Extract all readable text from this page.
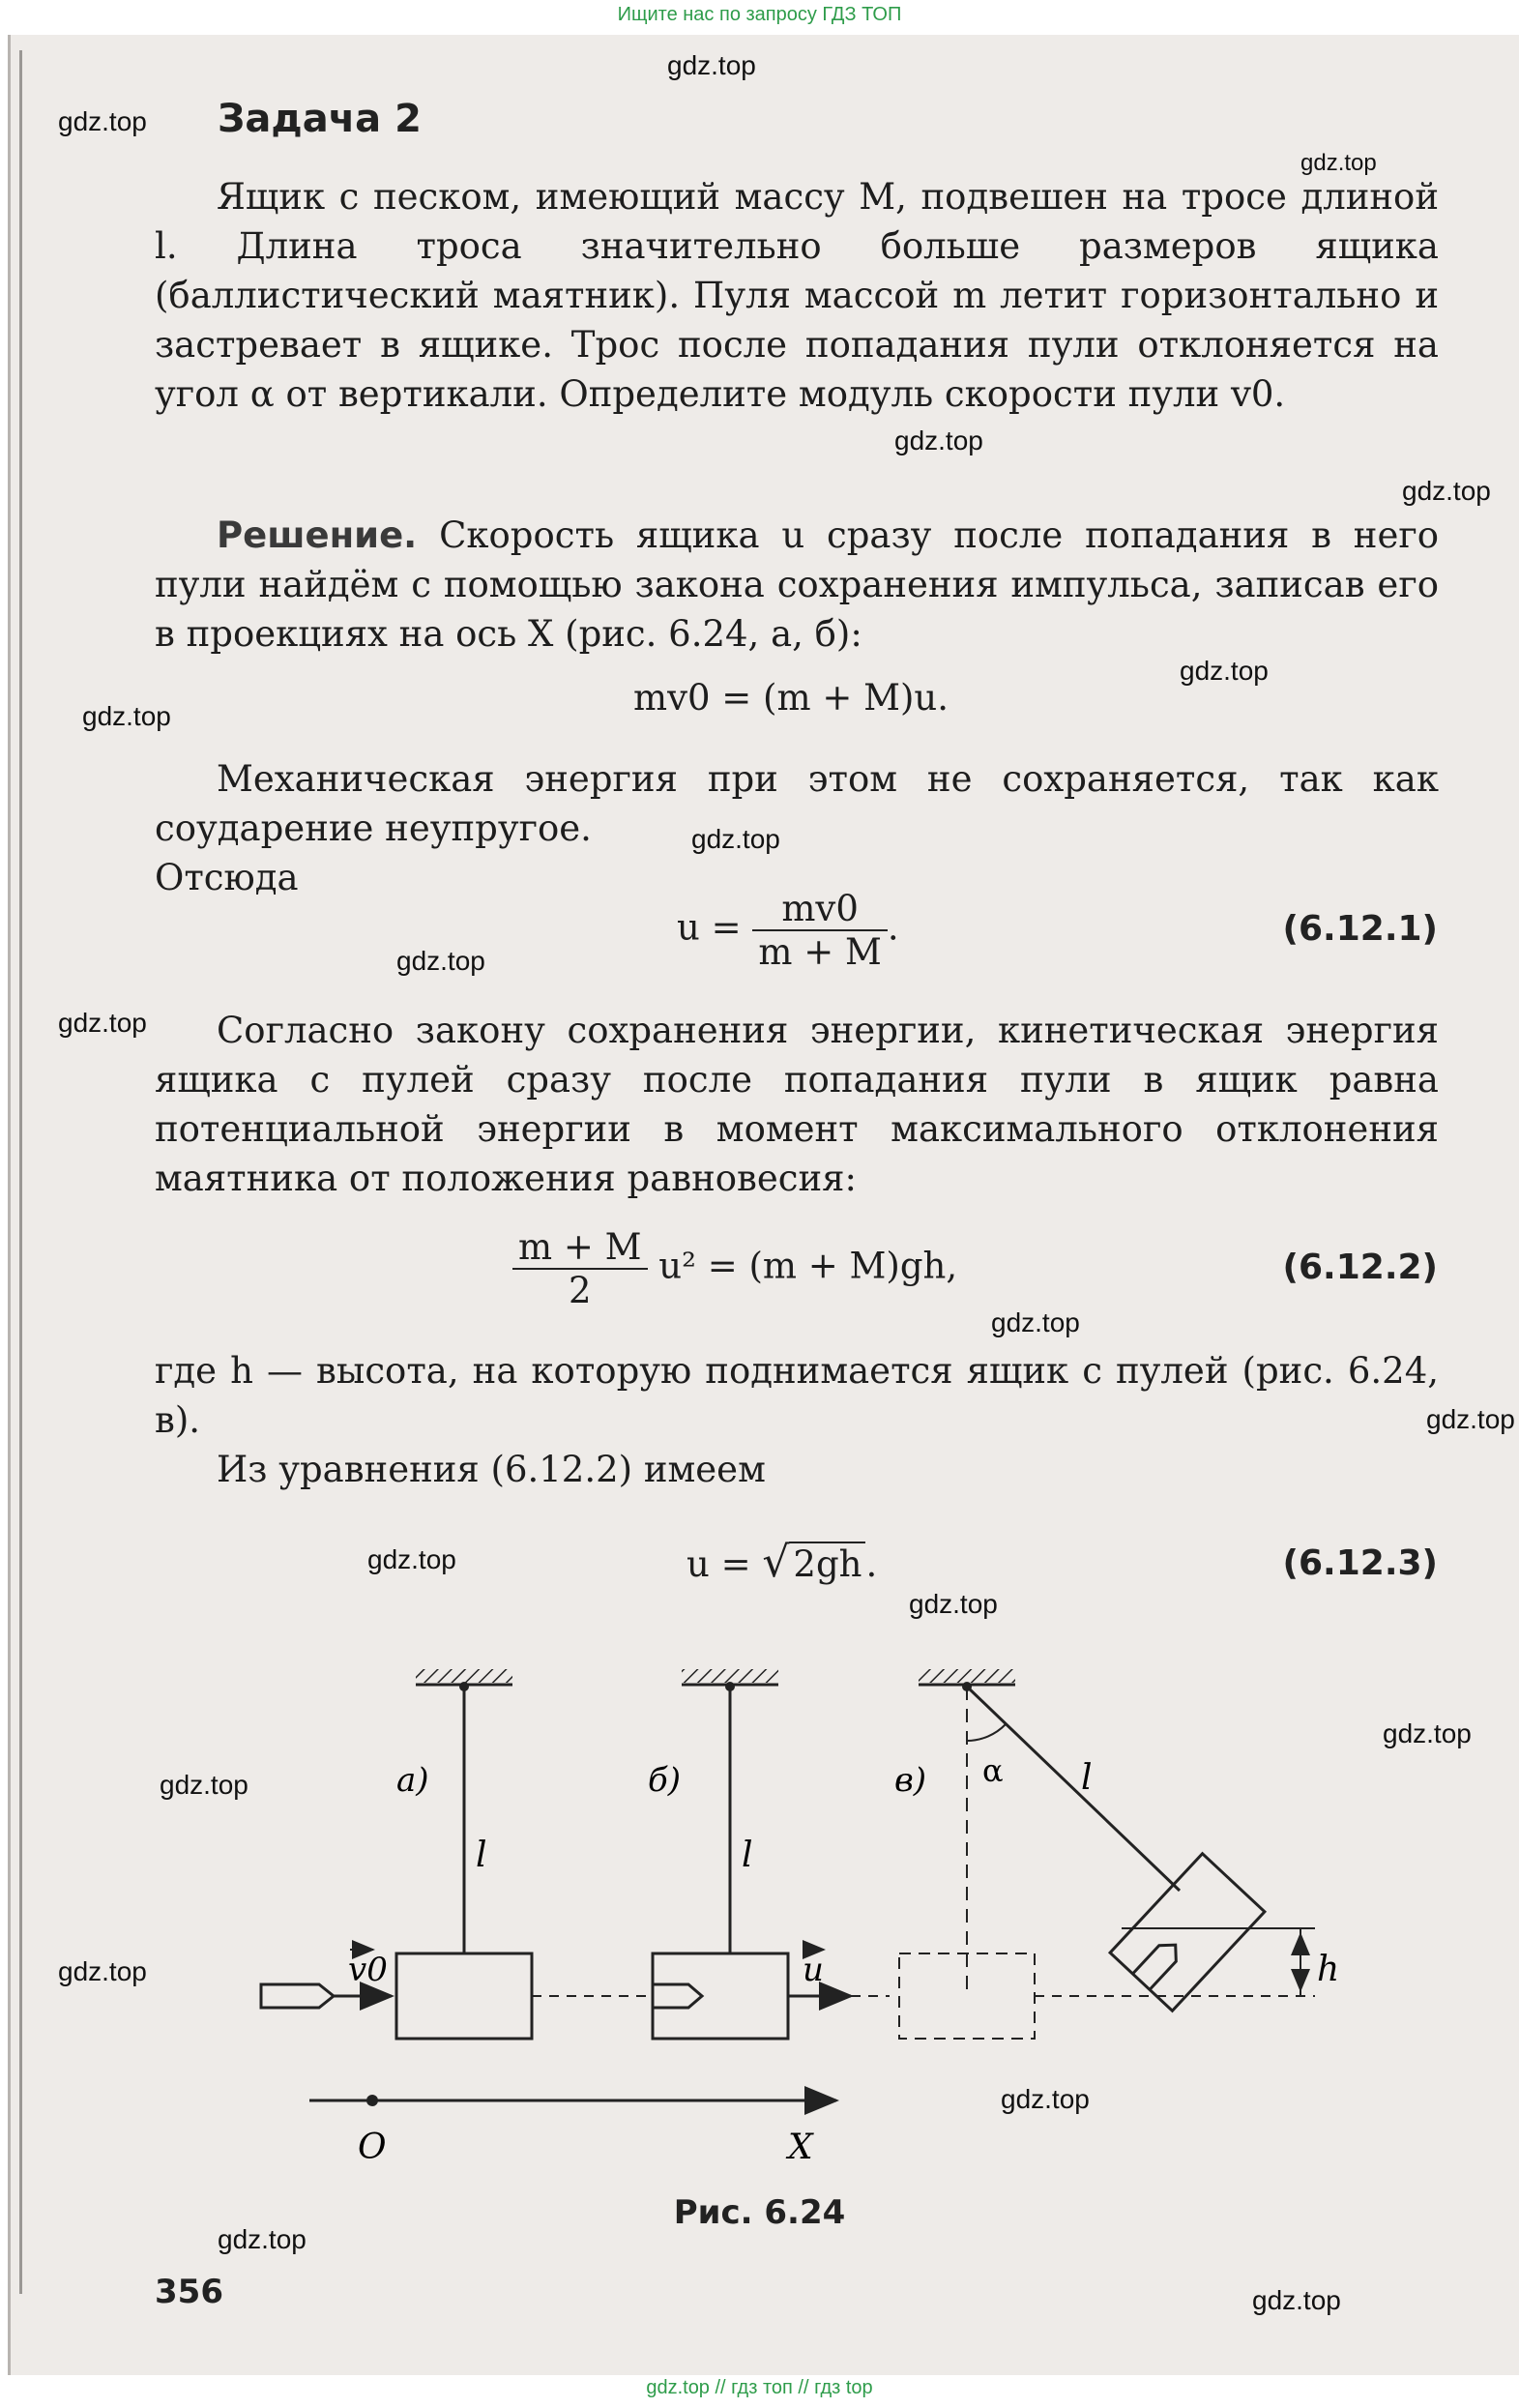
Ищите нас по запросу ГДЗ ТОП
gdz.top
gdz.top
gdz.top
gdz.top
gdz.top
gdz.top
gdz.top
gdz.top
gdz.top
gdz.top
gdz.top
gdz.top
gdz.top
gdz.top
gdz.top
gdz.top
gdz.top
gdz.top
gdz.top
gdz.top
Задача 2
Ящик с песком, имеющий массу M, подвешен на тросе длиной l. Длина троса значительно больше размеров ящика (баллистический маятник). Пуля массой m летит горизонтально и застревает в ящике. Трос после попадания пули отклоняется на угол α от вертикали. Определите модуль скорости пули v0.
Решение. Скорость ящика u сразу после попадания в него пули найдём с помощью закона сохранения импульса, записав его в проекциях на ось X (рис. 6.24, а, б):
mv0 = (m + M)u.
Механическая энергия при этом не сохраняется, так как соударение неупругое.
Отсюда
$u = \frac{mv0}{m + M}$ .	(6.12.1)
Согласно закону сохранения энергии, кинетическая энергия ящика с пулей сразу после попадания пули в ящик равна потенциальной энергии в момент максимального отклонения маятника от положения равновесия:
$\frac{m + M}{2} u^2 = (m + M)gh$,	(6.12.2)
где h — высота, на которую поднимается ящик с пулей (рис. 6.24, в).
Из уравнения (6.12.2) имеем
u = √ 2gh .	(6.12.3)
а)	б)	в)
l	l
l
α
h
v0	u
O	X
Рис. 6.24
356
gdz.top // гдз топ // гдз top
